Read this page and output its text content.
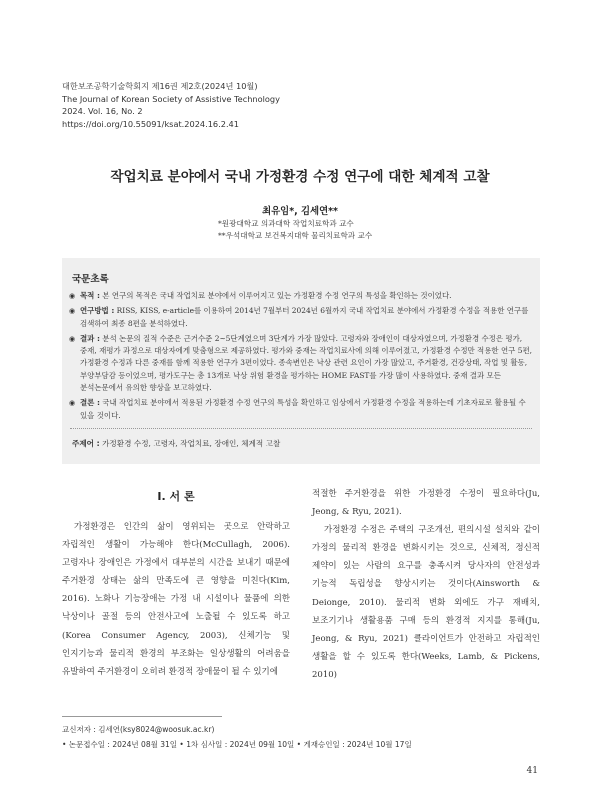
대한보조공학기술학회지 제16권 제2호(2024년 10월)
The Journal of Korean Society of Assistive Technology
2024. Vol. 16, No. 2
https://doi.org/10.55091/ksat.2024.16.2.41
작업치료 분야에서 국내 가정환경 수정 연구에 대한 체계적 고찰
최유임*, 김세연**
*원광대학교 의과대학 작업치료학과 교수
**우석대학교 보건복지대학 물리치료학과 교수
국문초록
◉ 목적 : 본 연구의 목적은 국내 작업치료 분야에서 이루어지고 있는 가정환경 수정 연구의 특성을 확인하는 것이었다.
◉ 연구방법 : RISS, KISS, e-article를 이용하여 2014년 7월부터 2024년 6월까지 국내 작업치료 분야에서 가정환경 수정을 적용한 연구를 검색하여 최종 8편을 분석하였다.
◉ 결과 : 분석 논문의 질적 수준은 근거수준 2~5단계였으며 3단계가 가장 많았다. 고령자와 장애인이 대상자였으며, 가정환경 수정은 평가, 중재, 재평가 과정으로 대상자에게 맞춤형으로 제공하였다. 평가와 중재는 작업치료사에 의해 이루어졌고, 가정환경 수정만 적용한 연구 5편, 가정환경 수정과 다른 중재를 함께 적용한 연구가 3편이었다. 종속변인은 낙상 관련 요인이 가장 많았고, 주거환경, 건강상태, 작업 및 활동, 부양부담감 등이었으며, 평가도구는 총 13개로 낙상 위험 환경을 평가하는 HOME FAST를 가장 많이 사용하였다. 중재 결과 모든 분석논문에서 유의한 향상을 보고하였다.
◉ 결론 : 국내 작업치료 분야에서 적용된 가정환경 수정 연구의 특성을 확인하고 임상에서 가정환경 수정을 적용하는데 기초자료로 활용될 수 있을 것이다.
주제어 : 가정환경 수정, 고령자, 작업치료, 장애인, 체계적 고찰
I. 서 론

가정환경은 인간의 삶이 영위되는 곳으로 안락하고 자립적인 생활이 가능해야 한다(McCullagh, 2006). 고령자나 장애인은 가정에서 대부분의 시간을 보내기 때문에 주거환경 상태는 삶의 만족도에 큰 영향을 미친다(Kim, 2016). 노화나 기능장애는 가정 내 시설이나 물품에 의한 낙상이나 골절 등의 안전사고에 노출될 수 있도록 하고(Korea Consumer Agency, 2003), 신체기능 및 인지기능과 물리적 환경의 부조화는 일상생활의 어려움을 유발하여 주거환경이 오히려 환경적 장애물이 될 수 있기에

적절한 주거환경을 위한 가정환경 수정이 필요하다(Ju, Jeong, & Ryu, 2021).

가정환경 수정은 주택의 구조개선, 편의시설 설치와 같이 가정의 물리적 환경을 변화시키는 것으로, 신체적, 정신적 제약이 있는 사람의 요구를 충족시켜 당사자의 안전성과 기능적 독립성을 향상시키는 것이다(Ainsworth & Deionge, 2010). 물리적 변화 외에도 가구 재배치, 보조기기나 생활용품 구매 등의 환경적 지지를 통해(Ju, Jeong, & Ryu, 2021) 클라이언트가 안전하고 자립적인 생활을 할 수 있도록 한다(Weeks, Lamb, & Pickens, 2010)

교신저자 : 김세연(ksy8024@woosuk.ac.kr)
• 논문접수일 : 2024년 08월 31일 • 1차 심사일 : 2024년 09월 10일 • 게재승인일 : 2024년 10월 17일
41
